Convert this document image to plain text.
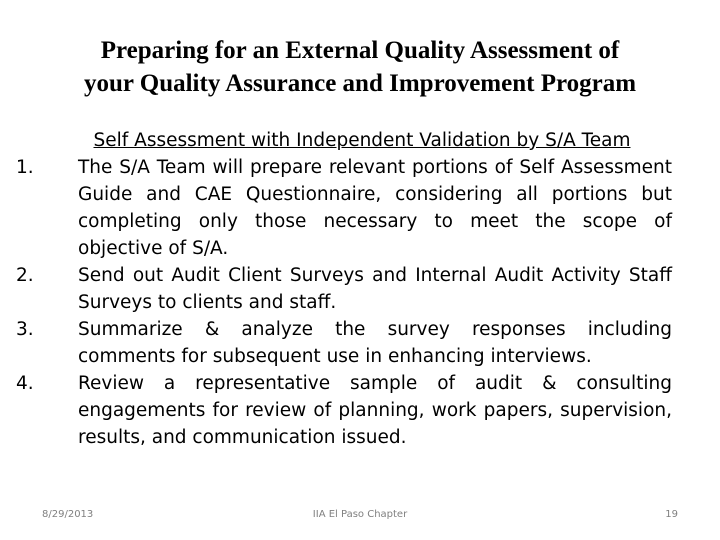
Preparing for an External Quality Assessment of
your Quality Assurance and Improvement Program
Self Assessment with Independent Validation by S/A Team
1.	The S/A Team will prepare relevant portions of Self Assessment Guide and CAE Questionnaire, considering all portions but completing only those necessary to meet the scope of objective of S/A.
2.	Send out Audit Client Surveys and Internal Audit Activity Staff Surveys to clients and staff.
3.	Summarize & analyze the survey responses including comments for subsequent use in enhancing interviews.
4.	Review a representative sample of audit & consulting engagements for review of planning, work papers, supervision, results, and communication issued.
8/29/2013	IIA El Paso Chapter	19
